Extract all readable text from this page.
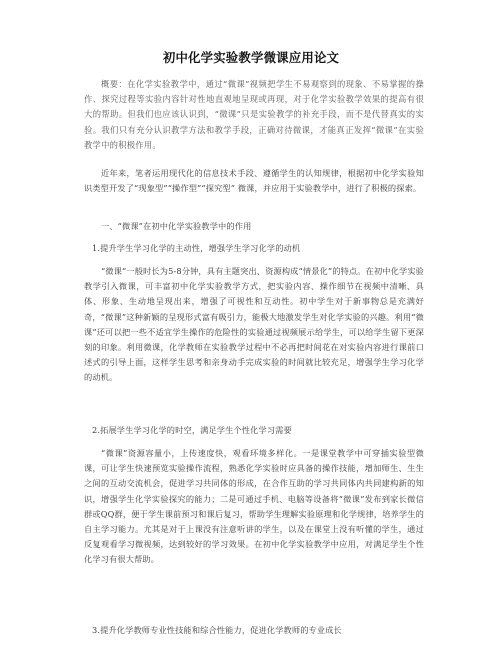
初中化学实验教学微课应用论文
概要：在化学实验教学中，通过“微课”视频把学生不易观察到的现象、不易掌握的操作、探究过程等实验内容针对性地直观地呈现或再现，对于化学实验教学效果的提高有很大的帮助。但我们也应该认识到，“微课”只是实验教学的补充手段，而不是代替真实的实验。我们只有充分认识教学方法和教学手段，正确对待微课，才能真正发挥“微课”在实验教学中的积极作用。

近年来，笔者运用现代化的信息技术手段、遵循学生的认知规律，根据初中化学实验知识类型开发了“现象型”“操作型”“探究型” 微课，并应用于实验教学中，进行了积极的探索。

一、“微课”在初中化学实验教学中的作用

1.提升学生学习化学的主动性，增强学生学习化学的动机

“微课”一般时长为5-8分钟，具有主题突出、资源构成“情景化”的特点。在初中化学实验教学引入微课，可丰富初中化学实验教学方式，把实验内容、操作细节在视频中清晰、具体、形象、生动地呈现出来，增强了可视性和互动性。初中学生对于新事物总是充满好奇，“微课”这种新颖的呈现形式富有吸引力，能极大地激发学生对化学实验的兴趣。利用“微课”还可以把一些不适宜学生操作的危险性的实验通过视频展示给学生，可以给学生留下更深刻的印象。利用微课，化学教师在实验教学过程中不必再把时间花在对实验内容进行课前口述式的引导上面，这样学生思考和亲身动手完成实验的时间就比较充足，增强学生学习化学的动机。

2.拓展学生学习化学的时空，满足学生个性化学习需要

“微课”资源容量小，上传速度快，观看环境多样化。一是课堂教学中可穿插实验型微课，可让学生快速预览实验操作流程，熟悉化学实验时应具备的操作技能，增加师生、生生之间的互动交流机会，促进学习共同体的形成，在合作互助的学习共同体内共同建构新的知识，增强学生化学实验探究的能力；二是可通过手机、电脑等设备将“微课”发布到家长微信群或QQ群，便于学生课前预习和课后复习，帮助学生理解实验原理和化学规律，培养学生的自主学习能力。尤其是对于上课没有注意听讲的学生，以及在课堂上没有听懂的学生，通过反复观看学习微视频，达到较好的学习效果。在初中化学实验教学中应用，对满足学生个性化学习有很大帮助。

3.提升化学教师专业性技能和综合性能力，促进化学教师的专业成长
